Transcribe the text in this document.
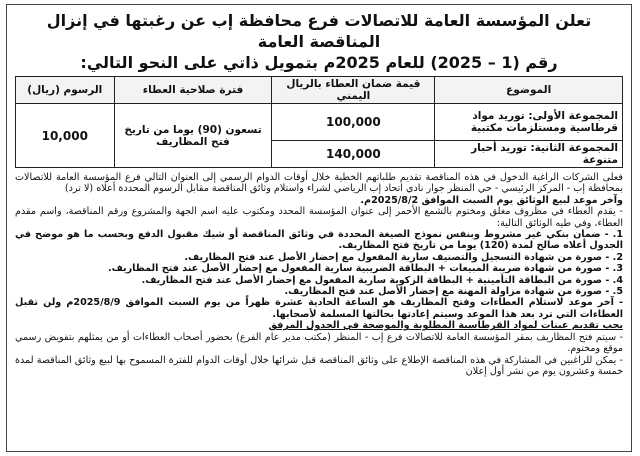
تعلن المؤسسة العامة للاتصالات فرع محافظة إب عن رغبتها في إنزال المناقصة العامة
رقم (1 – 2025) للعام 2025م بتمويل ذاتي على النحو التالي:
الموضوع	قيمة ضمان العطاء بالريال اليمني	فترة صلاحية العطاء	الرسوم (ريال)
المجموعة الأولى: توريد مواد قرطاسية ومستلزمات مكتبية	100,000	تسعون (90) يوما من تاريخ فتح المظاريف	10,000
المجموعة الثانية: توريد أحبار متنوعة	140,000		

فعلى الشركات الراغبة الدخول في هذه المناقصة تقديم طلباتهم الخطية خلال أوقات الدوام الرسمي إلى العنوان التالي فرع المؤسسة العامة للاتصالات بمحافظة إب - المركز الرئيسي - حي المنظر جوار نادي اتحاد إب الرياضي لشراء واستلام وثائق المناقصة مقابل الرسوم المحددة أعلاه (لا ترد)

وآخر موعد لبيع الوثائق يوم السبت الموافق 2025/8/2م.

- يقدم العطاء في مظروف مغلق ومختوم بالشمع الأحمر إلى عنوان المؤسسة المحدد ومكتوب عليه اسم الجهة والمشروع ورقم المناقصة، واسم مقدم العطاء، وفي طيه الوثائق التالية:

1. - ضمان بنكي غير مشروط وبنفس نموذج الصيغة المحددة في وثائق المناقصة أو شيك مقبول الدفع وبحسب ما هو موضح في الجدول أعلاه صالح لمدة (120) يوما من تاريخ فتح المظاريف.

2. - صورة من شهادة التسجيل والتصنيف سارية المفعول مع إحضار الأصل عند فتح المظاريف.

3. - صورة من شهادة ضريبة المبيعات + البطاقة الضريبية سارية المفعول مع إحضار الأصل عند فتح المظاريف.

4. - صورة من البطاقة التأمينية + البطاقة الزكوية سارية المفعول مع إحضار الأصل عند فتح المظاريف.

5. - صورة من شهادة مزاولة المهنة مع إحضار الأصل عند فتح المظاريف.

- آخر موعد لاستلام العطاءات وفتح المظاريف هو الساعة الحادية عشرة ظهراً من يوم السبت الموافق 2025/8/9م ولن تقبل العطاءات التي ترد بعد هذا الموعد وسيتم إعادتها بحالتها المسلمة لأصحابها.

يجب تقديم عينات لمواد القرطاسية المطلوبة والموضحة في الجدول المرفق

- سيتم فتح المظاريف بمقر المؤسسة العامة للاتصالات فرع إب - المنظر (مكتب مدير عام الفرع) بحضور أصحاب العطاءات أو من يمثلهم بتفويض رسمي موقع ومختوم.

- يمكن للراغبين في المشاركة في هذه المناقصة الإطلاع على وثائق المناقصة قبل شرائها خلال أوقات الدوام للفترة المسموح بها لبيع وثائق المناقصة لمدة خمسة وعشرون يوم من نشر أول إعلان
